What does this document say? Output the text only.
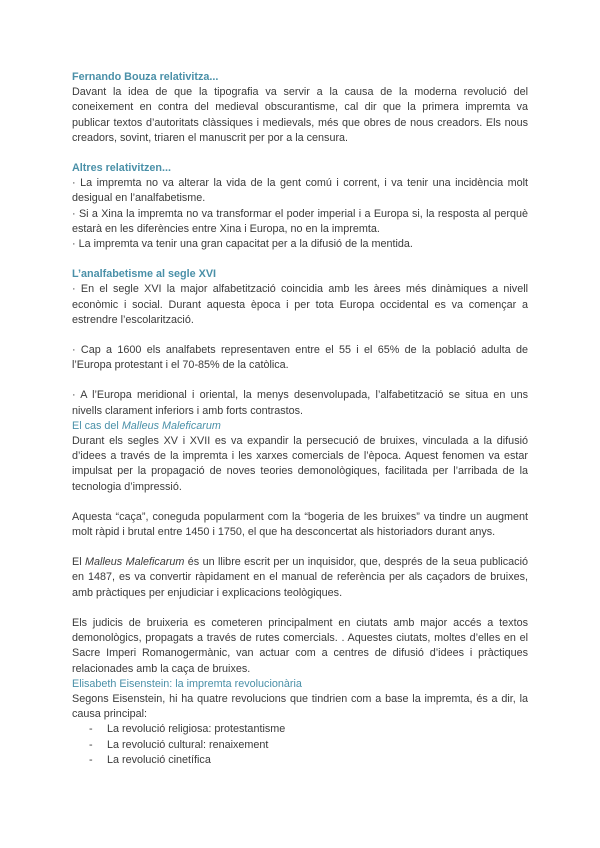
Fernando Bouza relativitza...

Davant la idea de que la tipografia va servir a la causa de la moderna revolució del coneixement en contra del medieval obscurantisme, cal dir que la primera impremta va publicar textos d’autoritats clàssiques i medievals, més que obres de nous creadors. Els nous creadors, sovint, triaren el manuscrit per por a la censura.

Altres relativitzen...

· La impremta no va alterar la vida de la gent comú i corrent, i va tenir una incidència molt desigual en l’analfabetisme.

· Si a Xina la impremta no va transformar el poder imperial i a Europa si, la resposta al perquè estarà en les diferències entre Xina i Europa, no en la impremta.

· La impremta va tenir una gran capacitat per a la difusió de la mentida.

L’analfabetisme al segle XVI

· En el segle XVI la major alfabetització coincidia amb les àrees més dinàmiques a nivell econòmic i social. Durant aquesta època i per tota Europa occidental es va començar a estrendre l’escolarització.

· Cap a 1600 els analfabets representaven entre el 55 i el 65% de la població adulta de l’Europa protestant i el 70-85% de la catòlica.

· A l’Europa meridional i oriental, la menys desenvolupada, l’alfabetització se situa en uns nivells clarament inferiors i amb forts contrastos.

El cas del Malleus Maleficarum

Durant els segles XV i XVII es va expandir la persecució de bruixes, vinculada a la difusió d’idees a través de la impremta i les xarxes comercials de l’època. Aquest fenomen va estar impulsat per la propagació de noves teories demonològiques, facilitada per l’arribada de la tecnologia d’impressió.

Aquesta “caça”, coneguda popularment com la “bogeria de les bruixes” va tindre un augment molt ràpid i brutal entre 1450 i 1750, el que ha desconcertat als historiadors durant anys.

El Malleus Maleficarum és un llibre escrit per un inquisidor, que, després de la seua publicació en 1487, es va convertir ràpidament en el manual de referència per als caçadors de bruixes, amb pràctiques per enjudiciar i explicacions teològiques.

Els judicis de bruixeria es cometeren principalment en ciutats amb major accés a textos demonològics, propagats a través de rutes comercials. . Aquestes ciutats, moltes d’elles en el Sacre Imperi Romanogermànic, van actuar com a centres de difusió d’idees i pràctiques relacionades amb la caça de bruixes.

Elisabeth Eisenstein: la impremta revolucionària

Segons Eisenstein, hi ha quatre revolucions que tindrien com a base la impremta, és a dir, la causa principal:

- La revolució religiosa: protestantisme
- La revolució cultural: renaixement
- La revolució cinetífica
